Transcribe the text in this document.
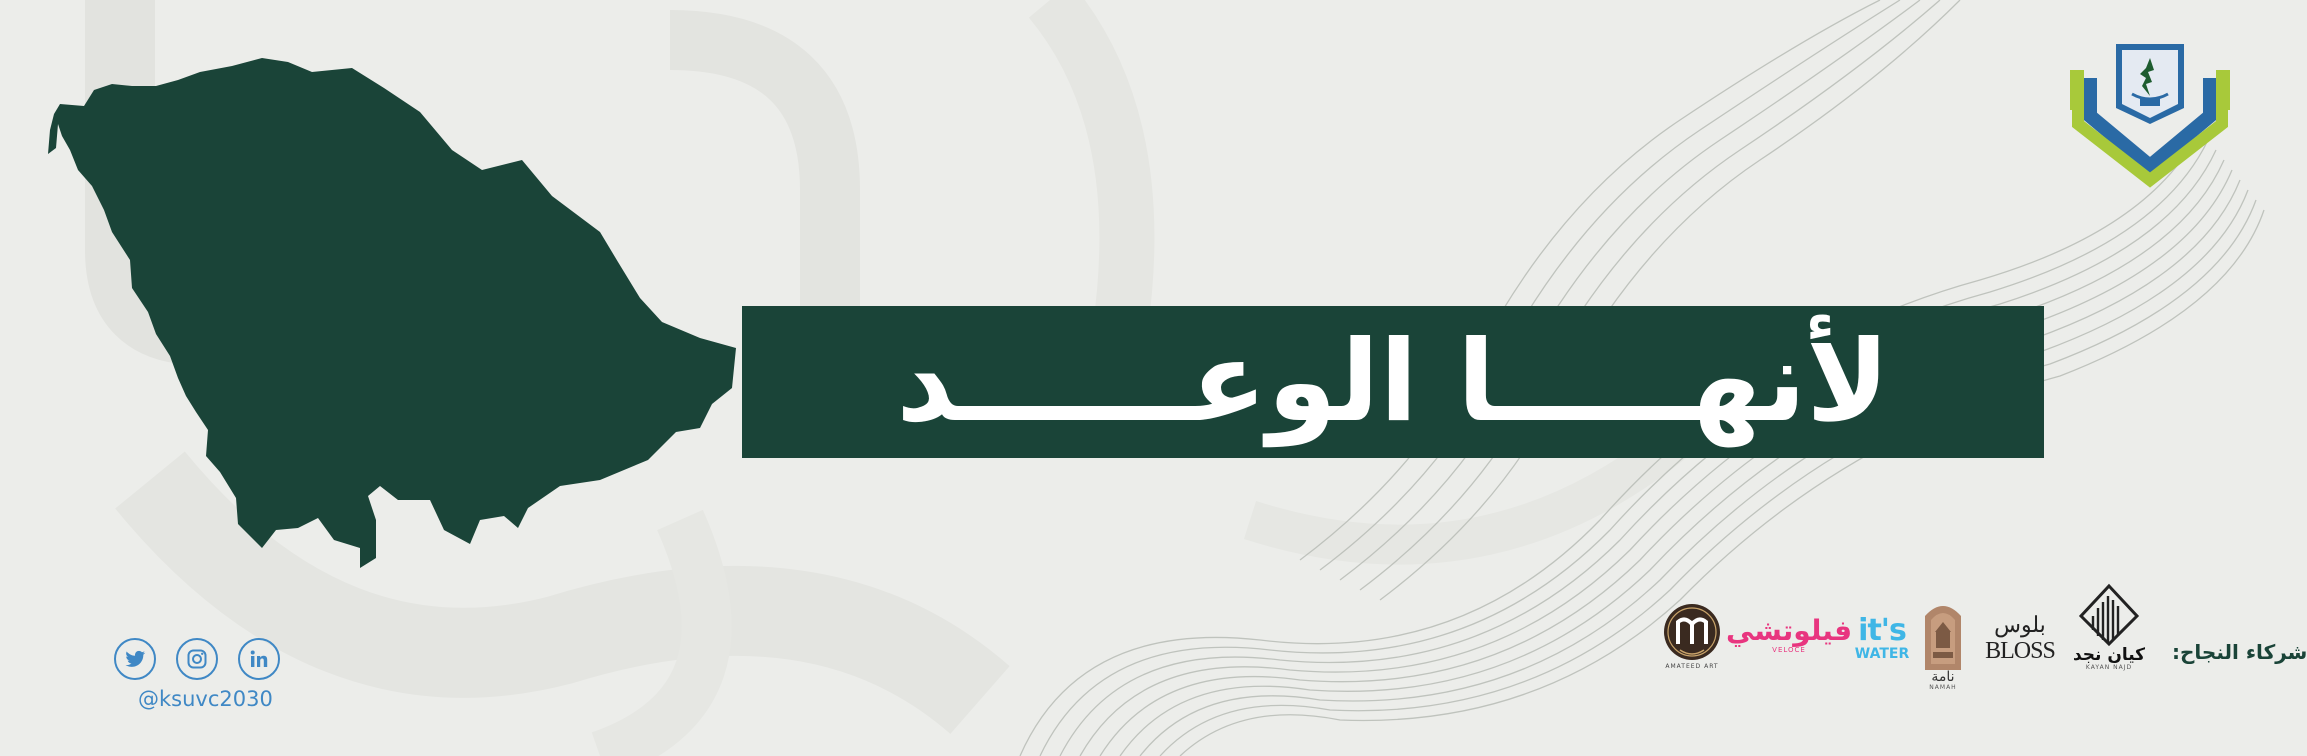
لأنهـــــا الوعــــــد
@ksuvc2030
شركاء النجاح:
كيان نجد
KAYAN NAJD
بلوس
BLOSS
نامة
NAMAH
it's
WATER
فيلوتشي
VELOCE
AMATEED ART
